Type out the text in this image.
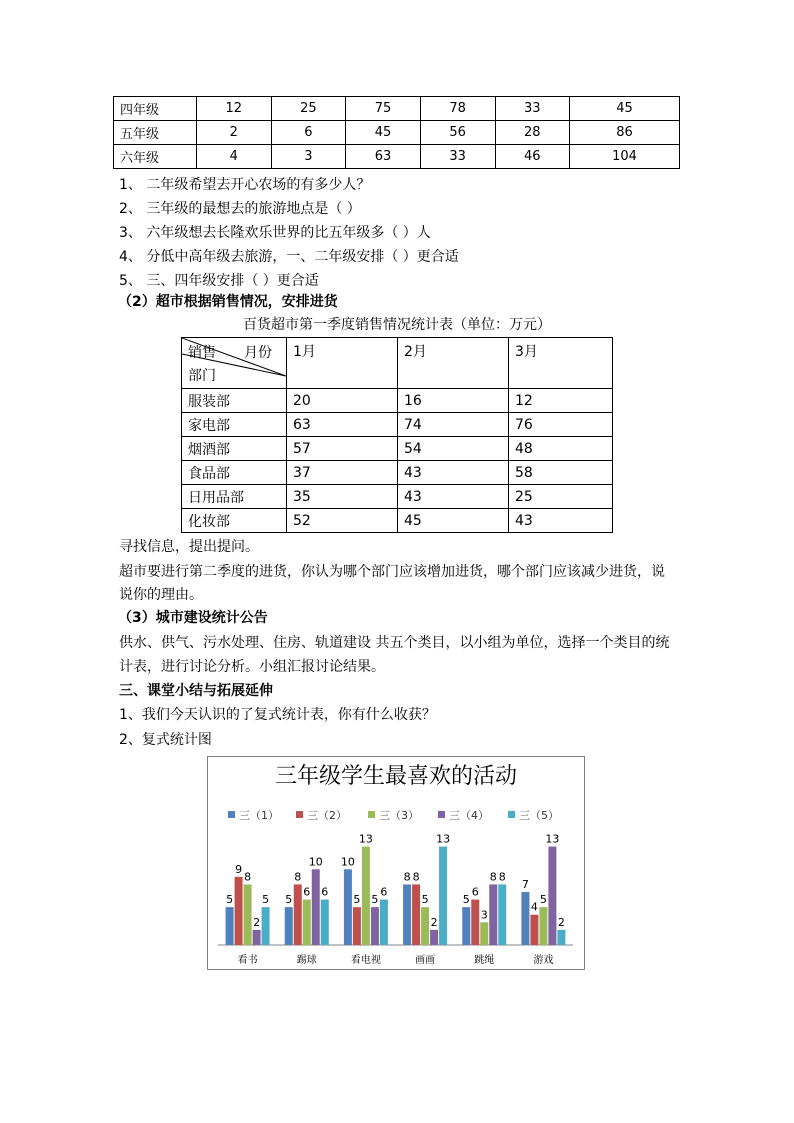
四年级	12	25	75	78	33	45
五年级	2	6	45	56	28	86
六年级	4	3	63	33	46	104
1、 二年级希望去开心农场的有多少人？
2、 三年级的最想去的旅游地点是（ ）
3、 六年级想去长隆欢乐世界的比五年级多（ ）人
4、 分低中高年级去旅游，一、二年级安排（ ）更合适
5、 三、四年级安排（ ）更合适
（2）超市根据销售情况，安排进货
百货超市第一季度销售情况统计表（单位：万元）
销售 月份
部门	1月	2月	3月
服装部	20	16	12
家电部	63	74	76
烟酒部	57	54	48
食品部	37	43	58
日用品部	35	43	25
化妆部	52	45	43
寻找信息，提出提问。
超市要进行第二季度的进货，你认为哪个部门应该增加进货，哪个部门应该减少进货，说
说你的理由。
（3）城市建设统计公告
供水、供气、污水处理、住房、轨道建设 共五个类目，以小组为单位，选择一个类目的统
计表，进行讨论分析。小组汇报讨论结果。
三、课堂小结与拓展延伸
1、我们今天认识的了复式统计表，你有什么收获？
2、复式统计图
三年级学生最喜欢的活动
三（1）	三（2）	三（3）	三（4）	三（5）
5
9
8
2
5
看书
5
8
6
10
6
踢球
10
5
13
5
6
看电视
8 8
5
2
13
画画
5
6
3
8 8
跳绳
7
4
5
13
2
游戏
